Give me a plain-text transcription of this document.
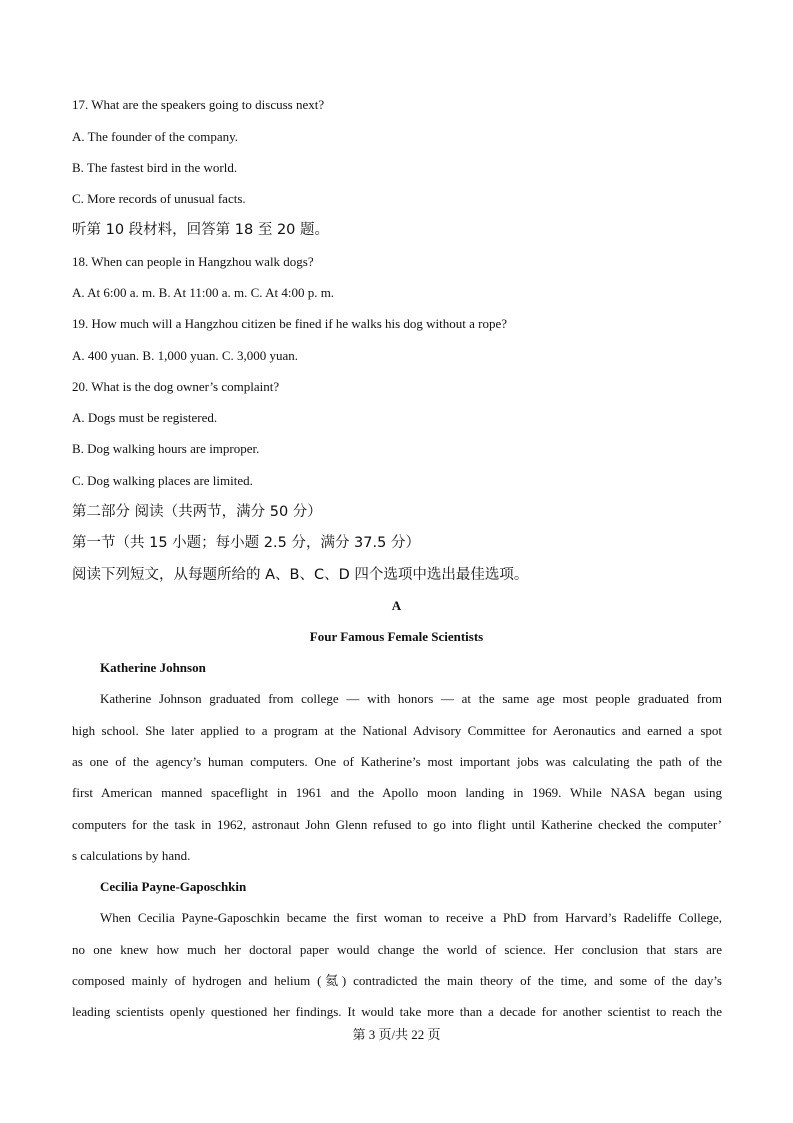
17. What are the speakers going to discuss next?
A. The founder of the company.
B. The fastest bird in the world.
C. More records of unusual facts.
听第 10 段材料，回答第 18 至 20 题。
18. When can people in Hangzhou walk dogs?
A. At 6:00 a. m. B. At 11:00 a. m. C. At 4:00 p. m.
19. How much will a Hangzhou citizen be fined if he walks his dog without a rope?
A. 400 yuan. B. 1,000 yuan. C. 3,000 yuan.
20. What is the dog owner’s complaint?
A. Dogs must be registered.
B. Dog walking hours are improper.
C. Dog walking places are limited.
第二部分 阅读（共两节，满分 50 分）
第一节（共 15 小题；每小题 2.5 分，满分 37.5 分）
阅读下列短文，从每题所给的 A、B、C、D 四个选项中选出最佳选项。
A
Four Famous Female Scientists
Katherine Johnson
Katherine Johnson graduated from college — with honors — at the same age most people graduated from
high school. She later applied to a program at the National Advisory Committee for Aeronautics and earned a spot
as one of the agency’s human computers. One of Katherine’s most important jobs was calculating the path of the
first American manned spaceflight in 1961 and the Apollo moon landing in 1969. While NASA began using
computers for the task in 1962, astronaut John Glenn refused to go into flight until Katherine checked the computer’
s calculations by hand.
Cecilia Payne-Gaposchkin
When Cecilia Payne-Gaposchkin became the first woman to receive a PhD from Harvard’s Radeliffe College,
no one knew how much her doctoral paper would change the world of science. Her conclusion that stars are
composed mainly of hydrogen and helium (氦) contradicted the main theory of the time, and some of the day’s
leading scientists openly questioned her findings. It would take more than a decade for another scientist to reach the
第 3 页/共 22 页
